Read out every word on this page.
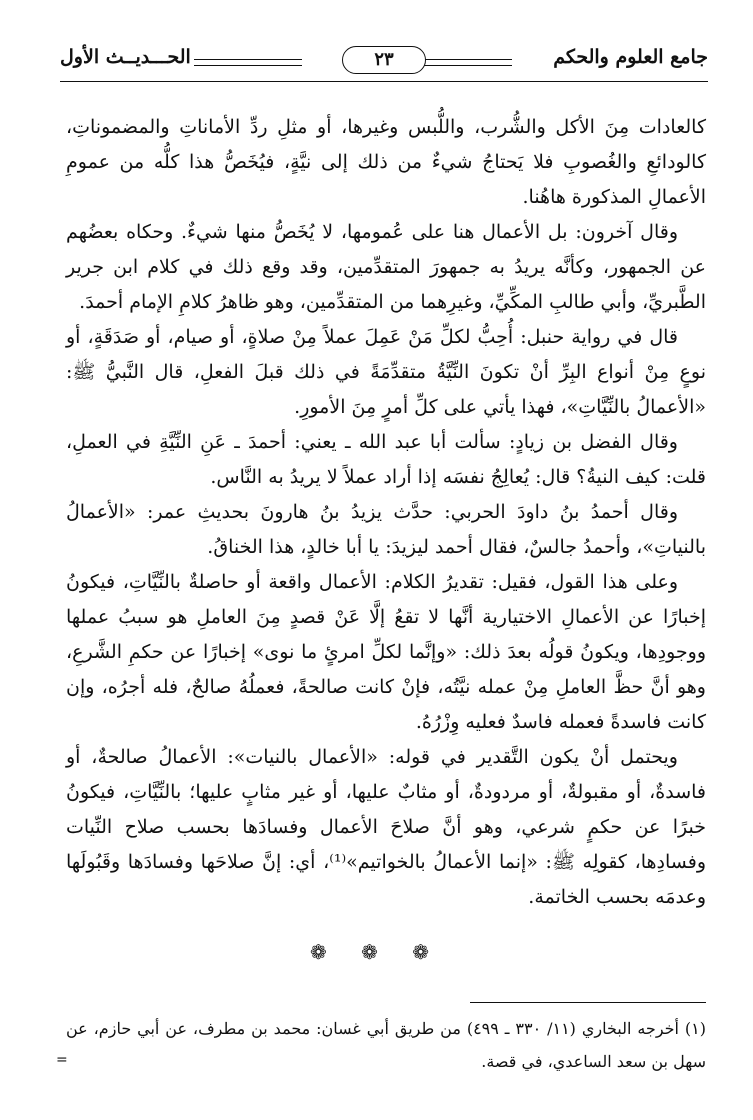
جامع العلوم والحكم
٢٣
الحـــديــث الأول

كالعادات مِنَ الأكل والشُّرب، واللُّبس وغيرها، أو مثلِ ردِّ الأماناتِ والمضموناتِ، كالودائعِ والغُصوبِ فلا يَحتاجُ شيءٌ من ذلك إلى نيَّةٍ، فيُخَصُّ هذا كلُّه من عمومِ الأعمالِ المذكورة هاهُنا.

وقال آخرون: بل الأعمال هنا على عُمومها، لا يُخَصُّ منها شيءٌ. وحكاه بعضُهم عن الجمهور، وكأنَّه يريدُ به جمهورَ المتقدِّمين، وقد وقع ذلك في كلام ابن جرير الطَّبريِّ، وأبي طالبِ المكِّيِّ، وغيرِهما من المتقدِّمين، وهو ظاهرُ كلامِ الإمام أحمدَ.

قال في رواية حنبل: أُحِبُّ لكلِّ مَنْ عَمِلَ عملاً مِنْ صلاةٍ، أو صيام، أو صَدَقَةٍ، أو نوعٍ مِنْ أنواع البِرِّ أنْ تكونَ النِّيَّةُ متقدِّمَةً في ذلك قبلَ الفعلِ، قال النَّبيُّ ﷺ: «الأعمالُ بالنِّيَّاتِ»، فهذا يأتي على كلِّ أمرٍ مِنَ الأمورِ.

وقال الفضل بن زيادٍ: سألت أبا عبد الله ـ يعني: أحمدَ ـ عَنِ النِّيَّةِ في العملِ، قلت: كيف النيةُ؟ قال: يُعالِجُ نفسَه إذا أراد عملاً لا يريدُ به النَّاس.

وقال أحمدُ بنُ داودَ الحربي: حدَّث يزيدُ بنُ هارونَ بحديثِ عمر: «الأعمالُ بالنياتِ»، وأحمدُ جالسٌ، فقال أحمد ليزيدَ: يا أبا خالدٍ، هذا الخناقُ.

وعلى هذا القول، فقيل: تقديرُ الكلام: الأعمال واقعة أو حاصلةٌ بالنِّيَّاتِ، فيكونُ إخبارًا عن الأعمالِ الاختيارية أنَّها لا تقعُ إلَّا عَنْ قصدٍ مِنَ العاملِ هو سببُ عملها ووجودِها، ويكونُ قولُه بعدَ ذلك: «وإنَّما لكلِّ امرئٍ ما نوى» إخبارًا عن حكمِ الشَّرعِ، وهو أنَّ حظَّ العاملِ مِنْ عمله نيَّتُه، فإنْ كانت صالحةً، فعملُهُ صالحٌ، فله أجرُه، وإن كانت فاسدةً فعمله فاسدٌ فعليه وِزْرُهُ.

ويحتمل أنْ يكون التَّقدير في قوله: «الأعمال بالنيات»: الأعمالُ صالحةٌ، أو فاسدةٌ، أو مقبولةٌ، أو مردودةٌ، أو مثابٌ عليها، أو غير مثابٍ عليها؛ بالنِّيَّاتِ، فيكونُ خبرًا عن حكمٍ شرعي، وهو أنَّ صلاحَ الأعمال وفسادَها بحسب صلاح النِّيات وفسادِها، كقولِه ﷺ: «إنما الأعمالُ بالخواتيم»⁽¹⁾، أي: إنَّ صلاحَها وفسادَها وقَبُولَها وعدمَه بحسب الخاتمة.

❁ ❁ ❁

(١) أخرجه البخاري (١١/ ٣٣٠ ـ ٤٩٩) من طريق أبي غسان: محمد بن مطرف، عن أبي حازم، عن سهل بن سعد الساعدي، في قصة.

=
